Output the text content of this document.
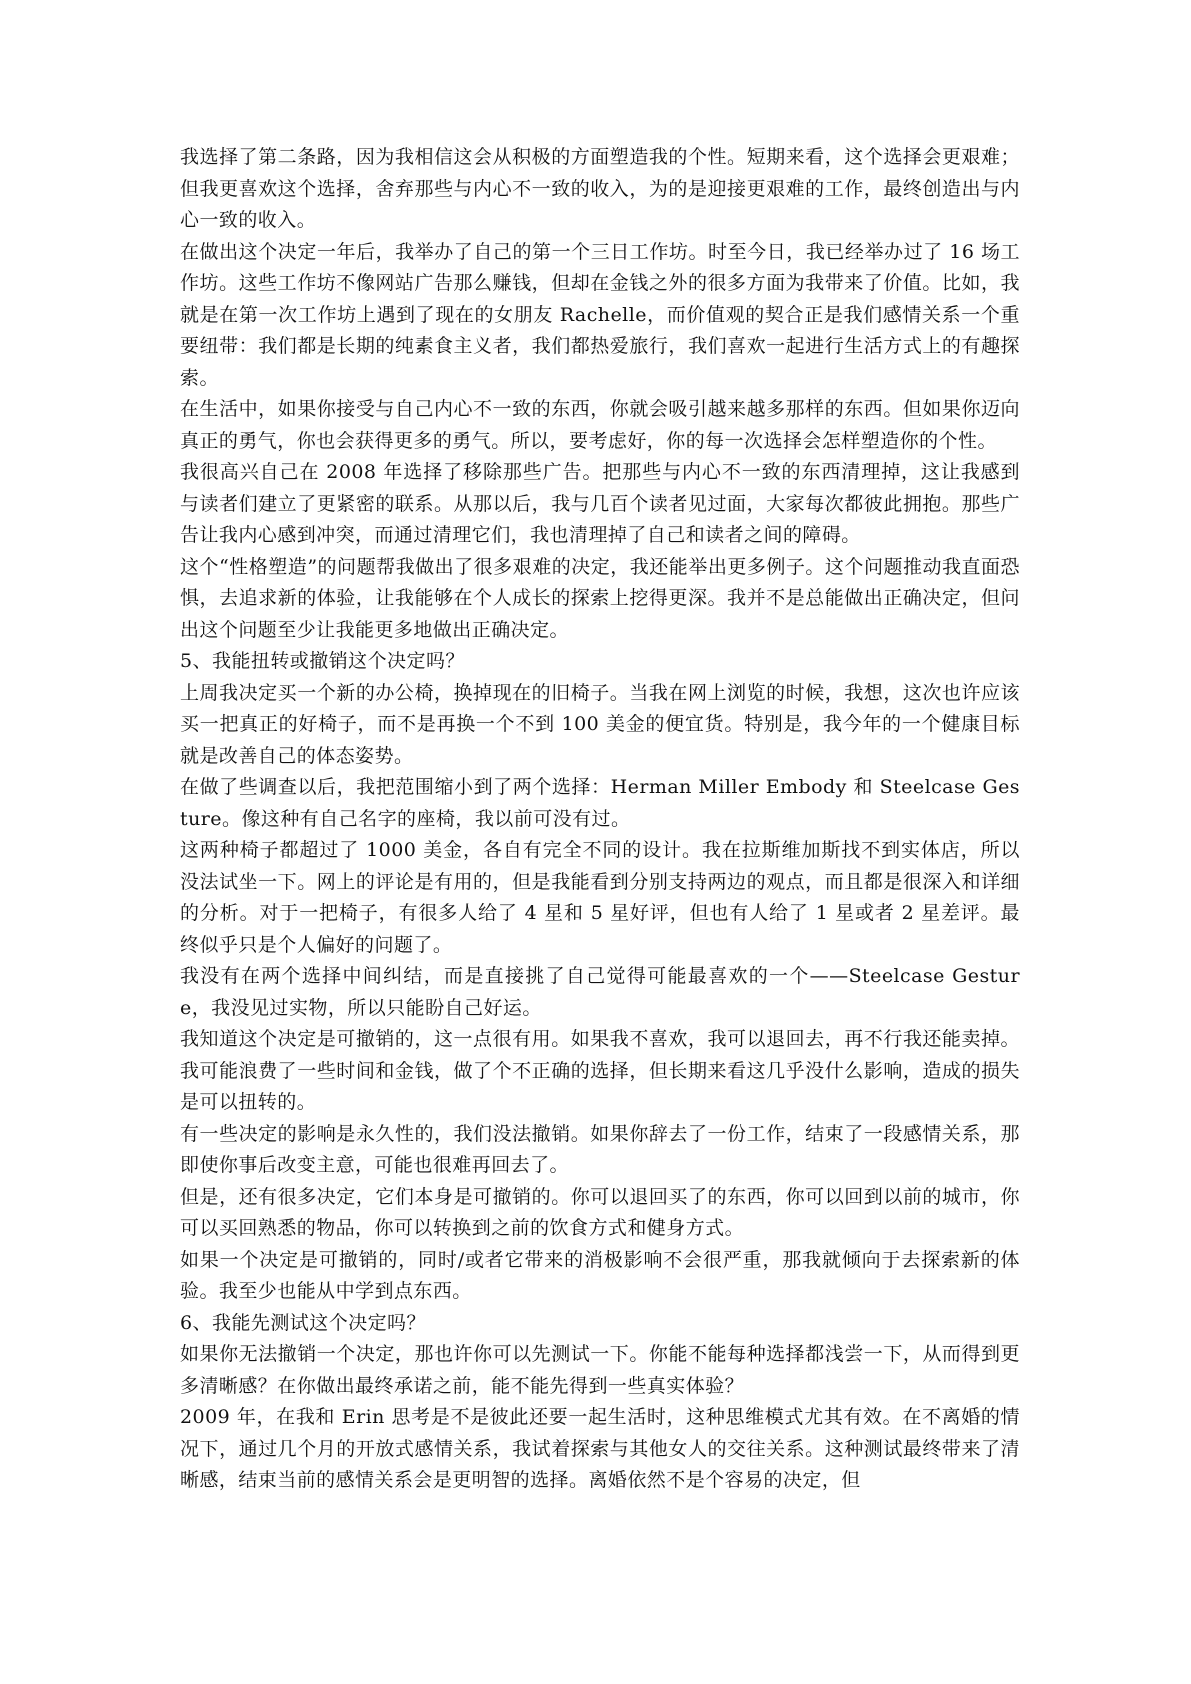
我选择了第二条路，因为我相信这会从积极的方面塑造我的个性。短期来看，这个选择会更艰难；但我更喜欢这个选择，舍弃那些与内心不一致的收入，为的是迎接更艰难的工作，最终创造出与内心一致的收入。

在做出这个决定一年后，我举办了自己的第一个三日工作坊。时至今日，我已经举办过了 16 场工作坊。这些工作坊不像网站广告那么赚钱，但却在金钱之外的很多方面为我带来了价值。比如，我就是在第一次工作坊上遇到了现在的女朋友 Rachelle，而价值观的契合正是我们感情关系一个重要纽带：我们都是长期的纯素食主义者，我们都热爱旅行，我们喜欢一起进行生活方式上的有趣探索。

在生活中，如果你接受与自己内心不一致的东西，你就会吸引越来越多那样的东西。但如果你迈向真正的勇气，你也会获得更多的勇气。所以，要考虑好，你的每一次选择会怎样塑造你的个性。

我很高兴自己在 2008 年选择了移除那些广告。把那些与内心不一致的东西清理掉，这让我感到与读者们建立了更紧密的联系。从那以后，我与几百个读者见过面，大家每次都彼此拥抱。那些广告让我内心感到冲突，而通过清理它们，我也清理掉了自己和读者之间的障碍。

这个“性格塑造”的问题帮我做出了很多艰难的决定，我还能举出更多例子。这个问题推动我直面恐惧，去追求新的体验，让我能够在个人成长的探索上挖得更深。我并不是总能做出正确决定，但问出这个问题至少让我能更多地做出正确决定。

5、我能扭转或撤销这个决定吗？

上周我决定买一个新的办公椅，换掉现在的旧椅子。当我在网上浏览的时候，我想，这次也许应该买一把真正的好椅子，而不是再换一个不到 100 美金的便宜货。特别是，我今年的一个健康目标就是改善自己的体态姿势。

在做了些调查以后，我把范围缩小到了两个选择：Herman Miller Embody 和 Steelcase Gesture。像这种有自己名字的座椅，我以前可没有过。

这两种椅子都超过了 1000 美金，各自有完全不同的设计。我在拉斯维加斯找不到实体店，所以没法试坐一下。网上的评论是有用的，但是我能看到分别支持两边的观点，而且都是很深入和详细的分析。对于一把椅子，有很多人给了 4 星和 5 星好评，但也有人给了 1 星或者 2 星差评。最终似乎只是个人偏好的问题了。

我没有在两个选择中间纠结，而是直接挑了自己觉得可能最喜欢的一个——Steelcase Gesture，我没见过实物，所以只能盼自己好运。

我知道这个决定是可撤销的，这一点很有用。如果我不喜欢，我可以退回去，再不行我还能卖掉。我可能浪费了一些时间和金钱，做了个不正确的选择，但长期来看这几乎没什么影响，造成的损失是可以扭转的。

有一些决定的影响是永久性的，我们没法撤销。如果你辞去了一份工作，结束了一段感情关系，那即使你事后改变主意，可能也很难再回去了。

但是，还有很多决定，它们本身是可撤销的。你可以退回买了的东西，你可以回到以前的城市，你可以买回熟悉的物品，你可以转换到之前的饮食方式和健身方式。

如果一个决定是可撤销的，同时/或者它带来的消极影响不会很严重，那我就倾向于去探索新的体验。我至少也能从中学到点东西。

6、我能先测试这个决定吗？

如果你无法撤销一个决定，那也许你可以先测试一下。你能不能每种选择都浅尝一下，从而得到更多清晰感？在你做出最终承诺之前，能不能先得到一些真实体验？

2009 年，在我和 Erin 思考是不是彼此还要一起生活时，这种思维模式尤其有效。在不离婚的情况下，通过几个月的开放式感情关系，我试着探索与其他女人的交往关系。这种测试最终带来了清晰感，结束当前的感情关系会是更明智的选择。离婚依然不是个容易的决定，但
